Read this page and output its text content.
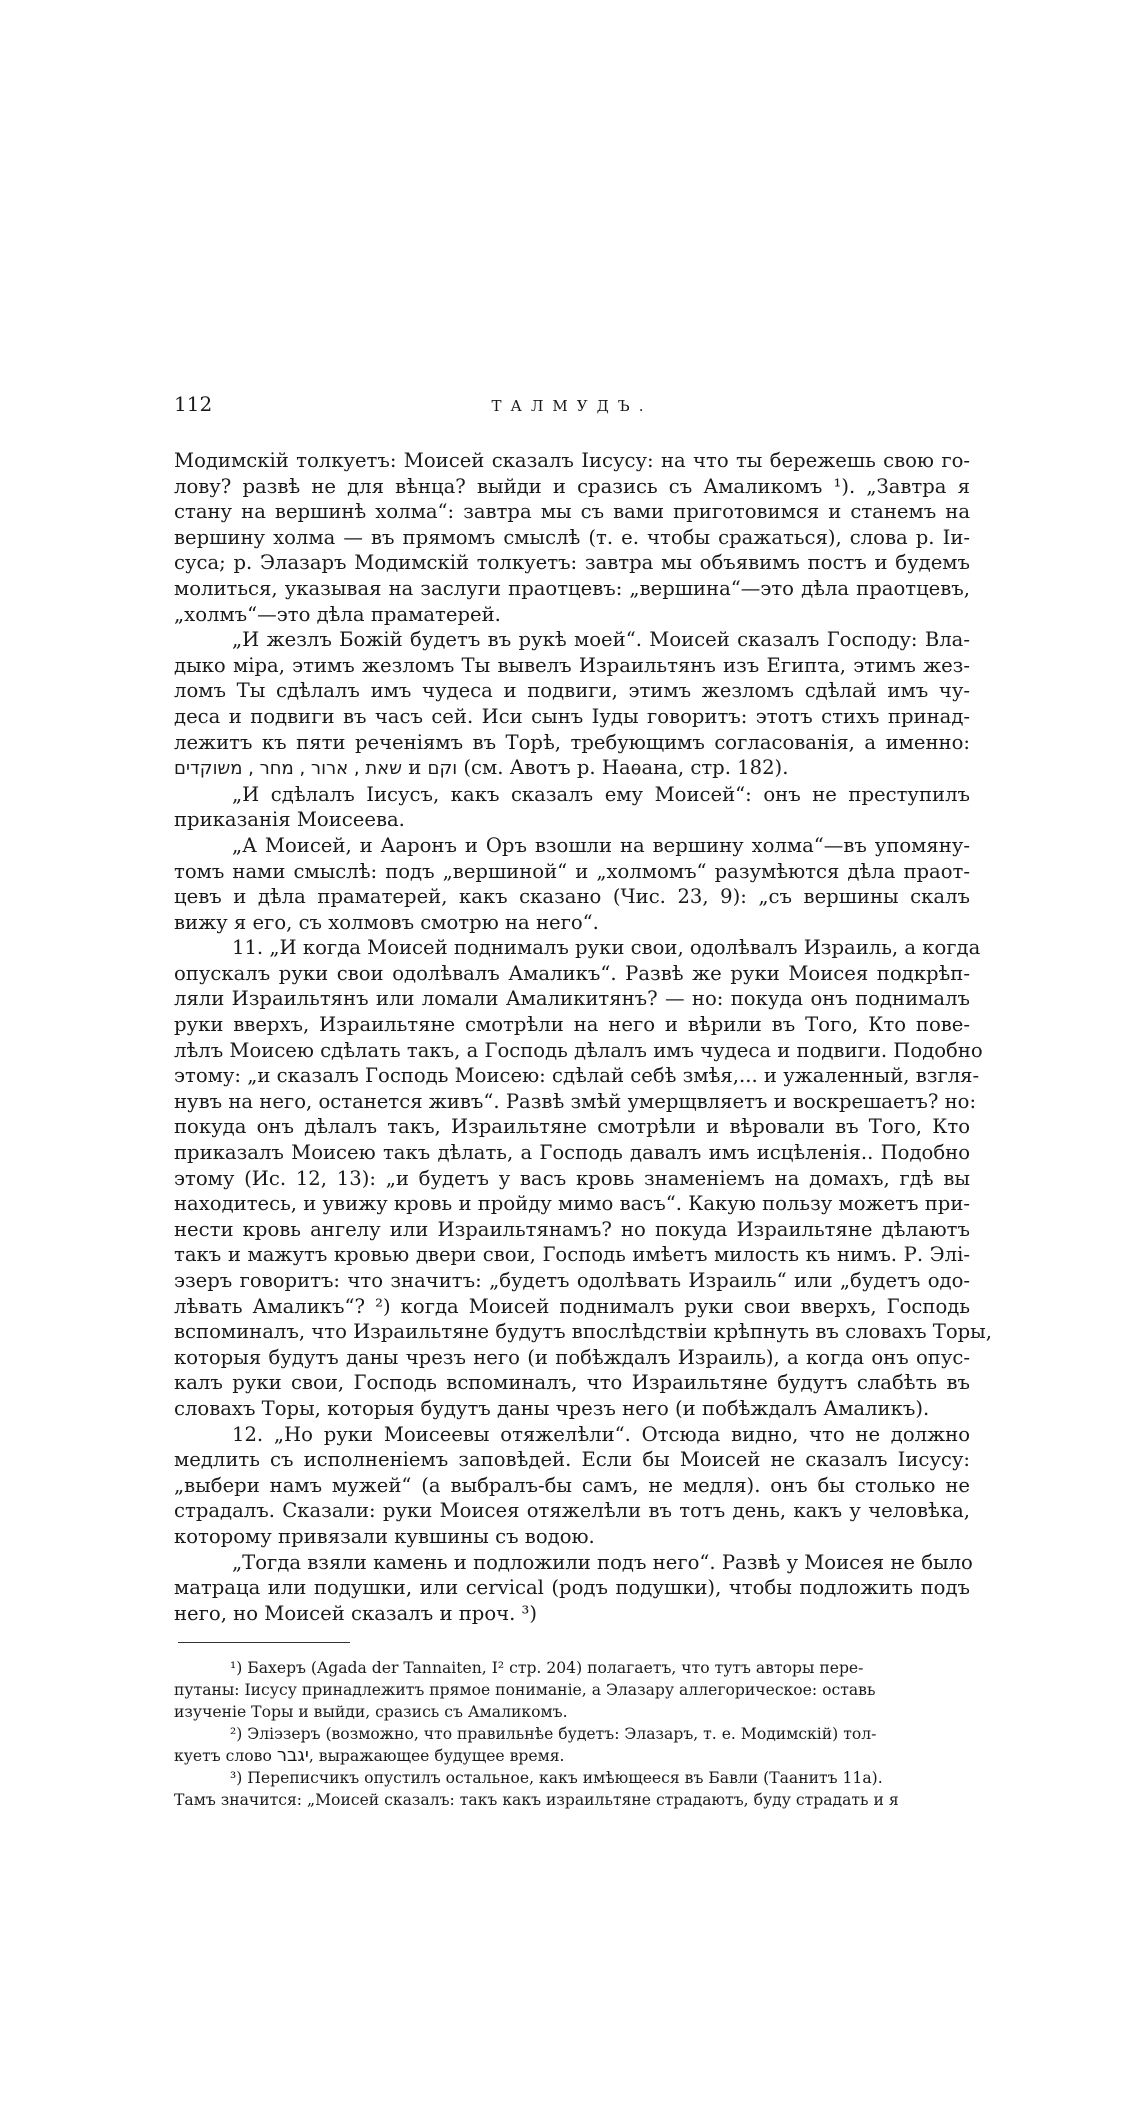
112	ТАЛМУДЪ.

Модимскій толкуетъ: Моисей сказалъ Іисусу: на что ты бережешь свою го-
лову? развѣ не для вѣнца? выйди и сразись съ Амаликомъ ¹). „Завтра я
стану на вершинѣ холма“: завтра мы съ вами приготовимся и станемъ на
вершину холма — въ прямомъ смыслѣ (т. е. чтобы сражаться), слова р. Іи-
суса; р. Элазаръ Модимскій толкуетъ: завтра мы объявимъ постъ и будемъ
молиться, указывая на заслуги праотцевъ: „вершина“—это дѣла праотцевъ,
„холмъ“—это дѣла праматерей.

„И жезлъ Божій будетъ въ рукѣ моей“. Моисей сказалъ Господу: Вла-
дыко міра, этимъ жезломъ Ты вывелъ Израильтянъ изъ Египта, этимъ жез-
ломъ Ты сдѣлалъ имъ чудеса и подвиги, этимъ жезломъ сдѣлай имъ чу-
деса и подвиги въ часъ сей. Иси сынъ Іуды говоритъ: этотъ стихъ принад-
лежитъ къ пяти реченіямъ въ Торѣ, требующимъ согласованія, а именно:
שאת , ארור , מחר , משוקדים и וקם (см. Авотъ р. Наѳана, стр. 182).

„И сдѣлалъ Іисусъ, какъ сказалъ ему Моисей“: онъ не преступилъ
приказанія Моисеева.

„А Моисей, и Ааронъ и Оръ взошли на вершину холма“—въ упомяну-
томъ нами смыслѣ: подъ „вершиной“ и „холмомъ“ разумѣются дѣла праот-
цевъ и дѣла праматерей, какъ сказано (Чис. 23, 9): „съ вершины скалъ
вижу я его, съ холмовъ смотрю на него“.

11. „И когда Моисей поднималъ руки свои, одолѣвалъ Израиль, а когда
опускалъ руки свои одолѣвалъ Амаликъ“. Развѣ же руки Моисея подкрѣп-
ляли Израильтянъ или ломали Амаликитянъ? — но: покуда онъ поднималъ
руки вверхъ, Израильтяне смотрѣли на него и вѣрили въ Того, Кто пове-
лѣлъ Моисею сдѣлать такъ, а Господь дѣлалъ имъ чудеса и подвиги. Подобно
этому: „и сказалъ Господь Моисею: сдѣлай себѣ змѣя,... и ужаленный, взгля-
нувъ на него, останется живъ“. Развѣ змѣй умерщвляетъ и воскрешаетъ? но:
покуда онъ дѣлалъ такъ, Израильтяне смотрѣли и вѣровали въ Того, Кто
приказалъ Моисею такъ дѣлать, а Господь давалъ имъ исцѣленія.. Подобно
этому (Ис. 12, 13): „и будетъ у васъ кровь знаменіемъ на домахъ, гдѣ вы
находитесь, и увижу кровь и пройду мимо васъ“. Какую пользу можетъ при-
нести кровь ангелу или Израильтянамъ? но покуда Израильтяне дѣлаютъ
такъ и мажутъ кровью двери свои, Господь имѣетъ милость къ нимъ. Р. Элі-
эзеръ говоритъ: что значитъ: „будетъ одолѣвать Израиль“ или „будетъ одо-
лѣвать Амаликъ“? ²) когда Моисей поднималъ руки свои вверхъ, Господь
вспоминалъ, что Израильтяне будутъ впослѣдствіи крѣпнуть въ словахъ Торы,
которыя будутъ даны чрезъ него (и побѣждалъ Израиль), а когда онъ опус-
калъ руки свои, Господь вспоминалъ, что Израильтяне будутъ слабѣть въ
словахъ Торы, которыя будутъ даны чрезъ него (и побѣждалъ Амаликъ).

12. „Но руки Моисеевы отяжелѣли“. Отсюда видно, что не должно
медлить съ исполненіемъ заповѣдей. Если бы Моисей не сказалъ Іисусу:
„выбери намъ мужей“ (а выбралъ-бы самъ, не медля). онъ бы столько не
страдалъ. Сказали: руки Моисея отяжелѣли въ тотъ день, какъ у человѣка,
которому привязали кувшины съ водою.

„Тогда взяли камень и подложили подъ него“. Развѣ у Моисея не было
матраца или подушки, или cervical (родъ подушки), чтобы подложить подъ
него, но Моисей сказалъ и проч. ³)

¹) Бахеръ (Agada der Tannaiten, I² стр. 204) полагаетъ, что тутъ авторы пере-
путаны: Іисусу принадлежитъ прямое пониманіе, а Элазару аллегорическое: оставь
изученіе Торы и выйди, сразись съ Амаликомъ.

²) Эліэзеръ (возможно, что правильнѣе будетъ: Элазаръ, т. е. Модимскій) тол-
куетъ слово יגבר, выражающее будущее время.

³) Переписчикъ опустилъ остальное, какъ имѣющееся въ Бавли (Таанитъ 11а).
Тамъ значится: „Моисей сказалъ: такъ какъ израильтяне страдаютъ, буду страдать и я
